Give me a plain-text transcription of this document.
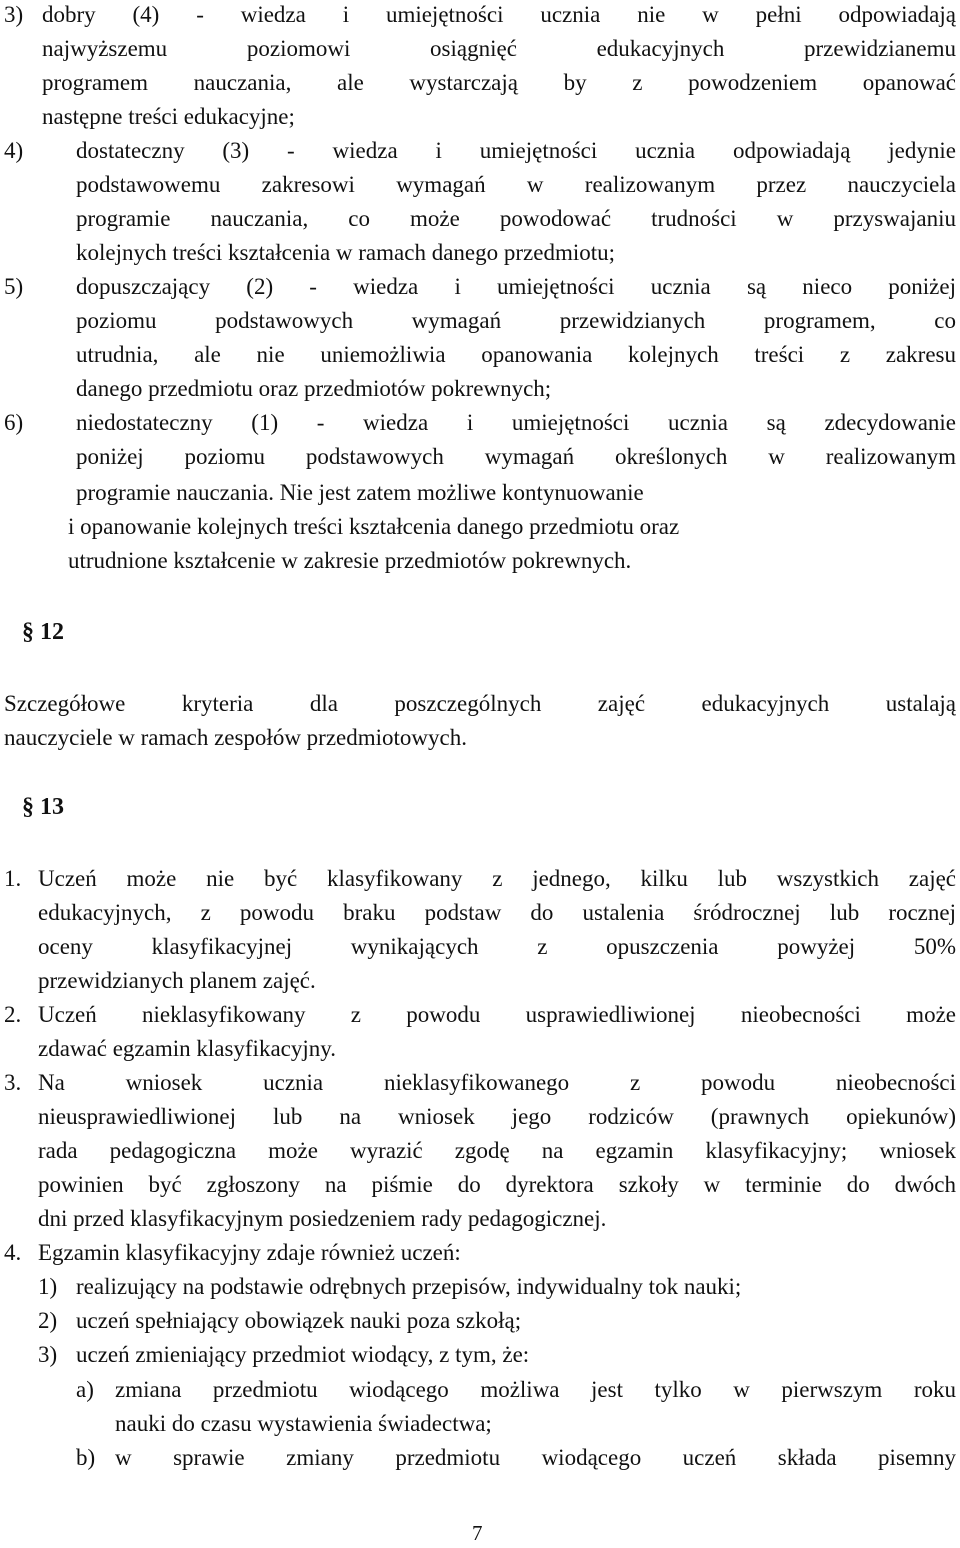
3) dobry (4) - wiedza i umiejętności ucznia nie w pełni odpowiadają
najwyższemu poziomowi osiągnięć edukacyjnych przewidzianemu
programem nauczania, ale wystarczają by z powodzeniem opanować
następne treści edukacyjne;
4) dostateczny (3) - wiedza i umiejętności ucznia odpowiadają jedynie
podstawowemu zakresowi wymagań w realizowanym przez nauczyciela
programie nauczania, co może powodować trudności w przyswajaniu
kolejnych treści kształcenia w ramach danego przedmiotu;
5) dopuszczający (2) - wiedza i umiejętności ucznia są nieco poniżej
poziomu podstawowych wymagań przewidzianych programem, co
utrudnia, ale nie uniemożliwia opanowania kolejnych treści z zakresu
danego przedmiotu oraz przedmiotów pokrewnych;
6) niedostateczny (1) - wiedza i umiejętności ucznia są zdecydowanie
poniżej poziomu podstawowych wymagań określonych w realizowanym
programie nauczania. Nie jest zatem możliwe kontynuowanie
i opanowanie kolejnych treści kształcenia danego przedmiotu oraz
utrudnione kształcenie w zakresie przedmiotów pokrewnych.
§ 12
Szczegółowe kryteria dla poszczególnych zajęć edukacyjnych ustalają
nauczyciele w ramach zespołów przedmiotowych.
§ 13
1. Uczeń może nie być klasyfikowany z jednego, kilku lub wszystkich zajęć
edukacyjnych, z powodu braku podstaw do ustalenia śródrocznej lub rocznej
oceny klasyfikacyjnej wynikających z opuszczenia powyżej 50%
przewidzianych planem zajęć.
2. Uczeń nieklasyfikowany z powodu usprawiedliwionej nieobecności może
zdawać egzamin klasyfikacyjny.
3. Na wniosek ucznia nieklasyfikowanego z powodu nieobecności
nieusprawiedliwionej lub na wniosek jego rodziców (prawnych opiekunów)
rada pedagogiczna może wyrazić zgodę na egzamin klasyfikacyjny; wniosek
powinien być zgłoszony na piśmie do dyrektora szkoły w terminie do dwóch
dni przed klasyfikacyjnym posiedzeniem rady pedagogicznej.
4. Egzamin klasyfikacyjny zdaje również uczeń:
1) realizujący na podstawie odrębnych przepisów, indywidualny tok nauki;
2) uczeń spełniający obowiązek nauki poza szkołą;
3) uczeń zmieniający przedmiot wiodący, z tym, że:
a) zmiana przedmiotu wiodącego możliwa jest tylko w pierwszym roku
nauki do czasu wystawienia świadectwa;
b) w sprawie zmiany przedmiotu wiodącego uczeń składa pisemny
7
